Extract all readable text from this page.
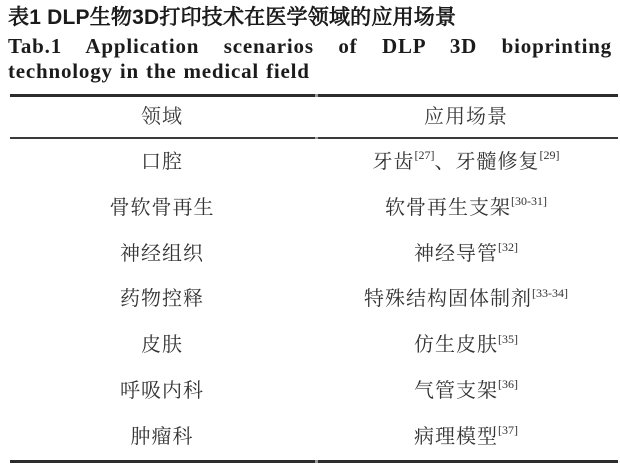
表1 DLP生物3D打印技术在医学领域的应用场景
Tab.1 Application scenarios of DLP 3D bioprinting
technology in the medical field
领域	应用场景
口腔	牙齿[27]、牙髓修复[29]
骨软骨再生	软骨再生支架[30-31]
神经组织	神经导管[32]
药物控释	特殊结构固体制剂[33-34]
皮肤	仿生皮肤[35]
呼吸内科	气管支架[36]
肿瘤科	病理模型[37]
